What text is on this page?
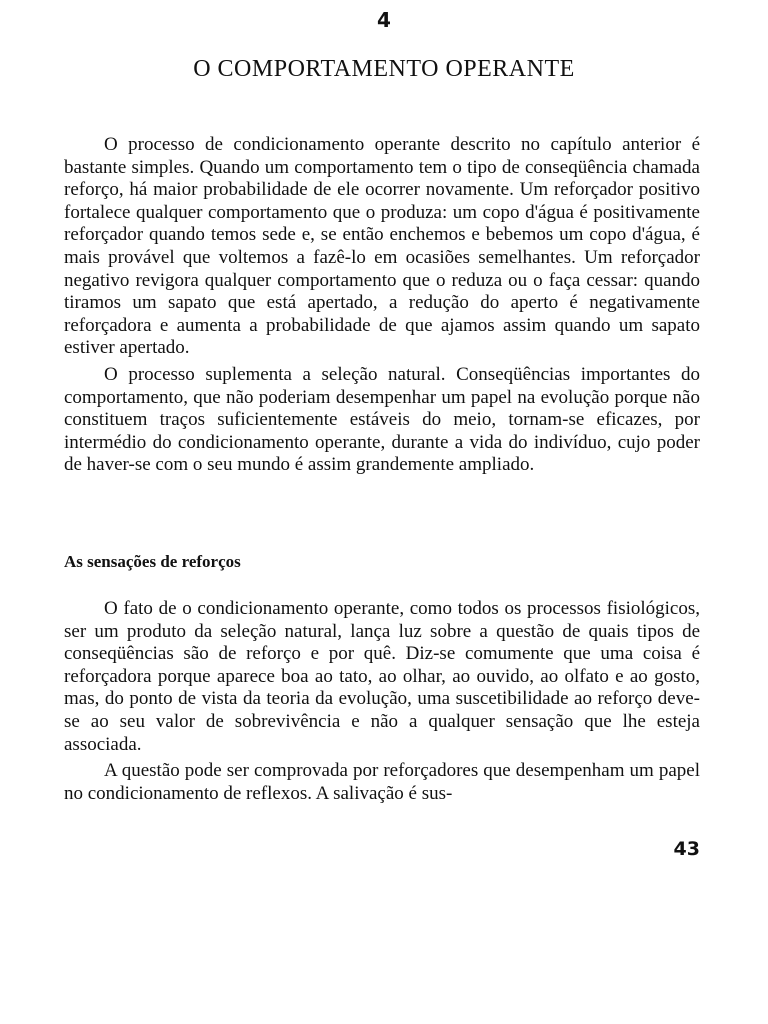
4
O COMPORTAMENTO OPERANTE

O processo de condicionamento operante descrito no capítulo anterior é bastante simples. Quando um comportamento tem o tipo de conseqüência chamada reforço, há maior probabilidade de ele ocorrer novamente. Um reforçador positivo fortalece qualquer comportamento que o produza: um copo d'água é positivamente reforçador quando temos sede e, se então enchemos e bebemos um copo d'água, é mais provável que voltemos a fazê-lo em ocasiões semelhantes. Um reforçador negativo revigora qualquer comportamento que o reduza ou o faça cessar: quando tiramos um sapato que está apertado, a redução do aperto é negativamente reforçadora e aumenta a probabilidade de que ajamos assim quando um sapato estiver apertado.

O processo suplementa a seleção natural. Conseqüências importantes do comportamento, que não poderiam desempenhar um papel na evolução porque não constituem traços suficientemente estáveis do meio, tornam-se eficazes, por intermédio do condicionamento operante, durante a vida do indivíduo, cujo poder de haver-se com o seu mundo é assim grandemente ampliado.

As sensações de reforços

O fato de o condicionamento operante, como todos os processos fisiológicos, ser um produto da seleção natural, lança luz sobre a questão de quais tipos de conseqüências são de reforço e por quê. Diz-se comumente que uma coisa é reforçadora porque aparece boa ao tato, ao olhar, ao ouvido, ao olfato e ao gosto, mas, do ponto de vista da teoria da evolução, uma suscetibilidade ao reforço deve-se ao seu valor de sobrevivência e não a qualquer sensação que lhe esteja associada.

A questão pode ser comprovada por reforçadores que desempenham um papel no condicionamento de reflexos. A salivação é sus-

43
